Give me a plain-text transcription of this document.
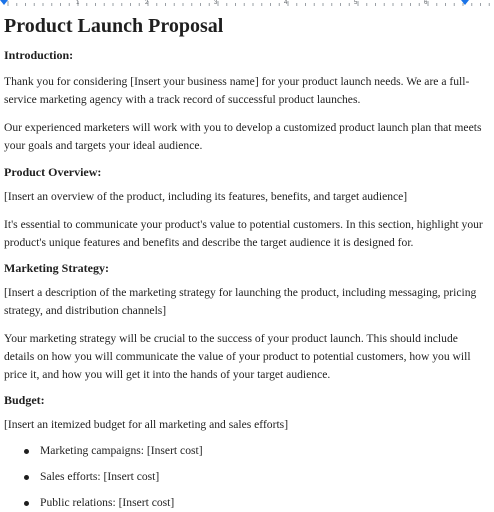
1	2	3	4	5	6
Product Launch Proposal
Introduction:

Thank you for considering [Insert your business name] for your product launch needs. We are a full-service marketing agency with a track record of successful product launches.

Our experienced marketers will work with you to develop a customized product launch plan that meets your goals and targets your ideal audience.

Product Overview:

[Insert an overview of the product, including its features, benefits, and target audience]

It's essential to communicate your product's value to potential customers. In this section, highlight your product's unique features and benefits and describe the target audience it is designed for.

Marketing Strategy:

[Insert a description of the marketing strategy for launching the product, including messaging, pricing strategy, and distribution channels]

Your marketing strategy will be crucial to the success of your product launch. This should include details on how you will communicate the value of your product to potential customers, how you will price it, and how you will get it into the hands of your target audience.

Budget:

[Insert an itemized budget for all marketing and sales efforts]

Marketing campaigns: [Insert cost]
Sales efforts: [Insert cost]
Public relations: [Insert cost]
